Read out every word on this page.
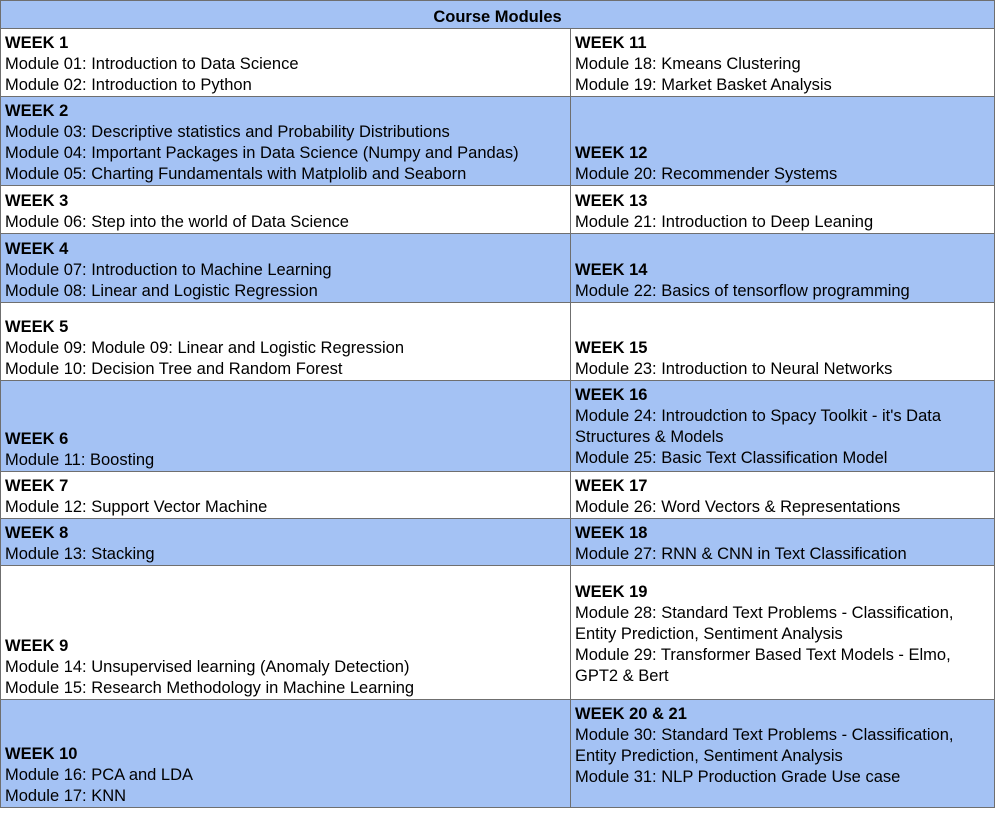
Course Modules	

WEEK 1
Module 01: Introduction to Data Science
Module 02: Introduction to Python	WEEK 11
Module 18: Kmeans Clustering
Module 19: Market Basket Analysis

WEEK 2
Module 03: Descriptive statistics and Probability Distributions
Module 04: Important Packages in Data Science (Numpy and Pandas)
Module 05: Charting Fundamentals with Matplolib and Seaborn	WEEK 12
Module 20: Recommender Systems

WEEK 3
Module 06: Step into the world of Data Science	WEEK 13
Module 21: Introduction to Deep Leaning

WEEK 4
Module 07: Introduction to Machine Learning
Module 08: Linear and Logistic Regression	WEEK 14
Module 22: Basics of tensorflow programming

WEEK 5
Module 09: Module 09: Linear and Logistic Regression
Module 10: Decision Tree and Random Forest	WEEK 15
Module 23: Introduction to Neural Networks

WEEK 6
Module 11: Boosting	WEEK 16
Module 24: Introudction to Spacy Toolkit - it's Data Structures & Models
Module 25: Basic Text Classification Model

WEEK 7
Module 12: Support Vector Machine	WEEK 17
Module 26: Word Vectors & Representations

WEEK 8
Module 13: Stacking	WEEK 18
Module 27: RNN & CNN in Text Classification

WEEK 9
Module 14: Unsupervised learning (Anomaly Detection)
Module 15: Research Methodology in Machine Learning	WEEK 19
Module 28: Standard Text Problems - Classification, Entity Prediction, Sentiment Analysis
Module 29: Transformer Based Text Models - Elmo, GPT2 & Bert

WEEK 10
Module 16: PCA and LDA
Module 17: KNN	WEEK 20 & 21
Module 30: Standard Text Problems - Classification, Entity Prediction, Sentiment Analysis
Module 31: NLP Production Grade Use case
